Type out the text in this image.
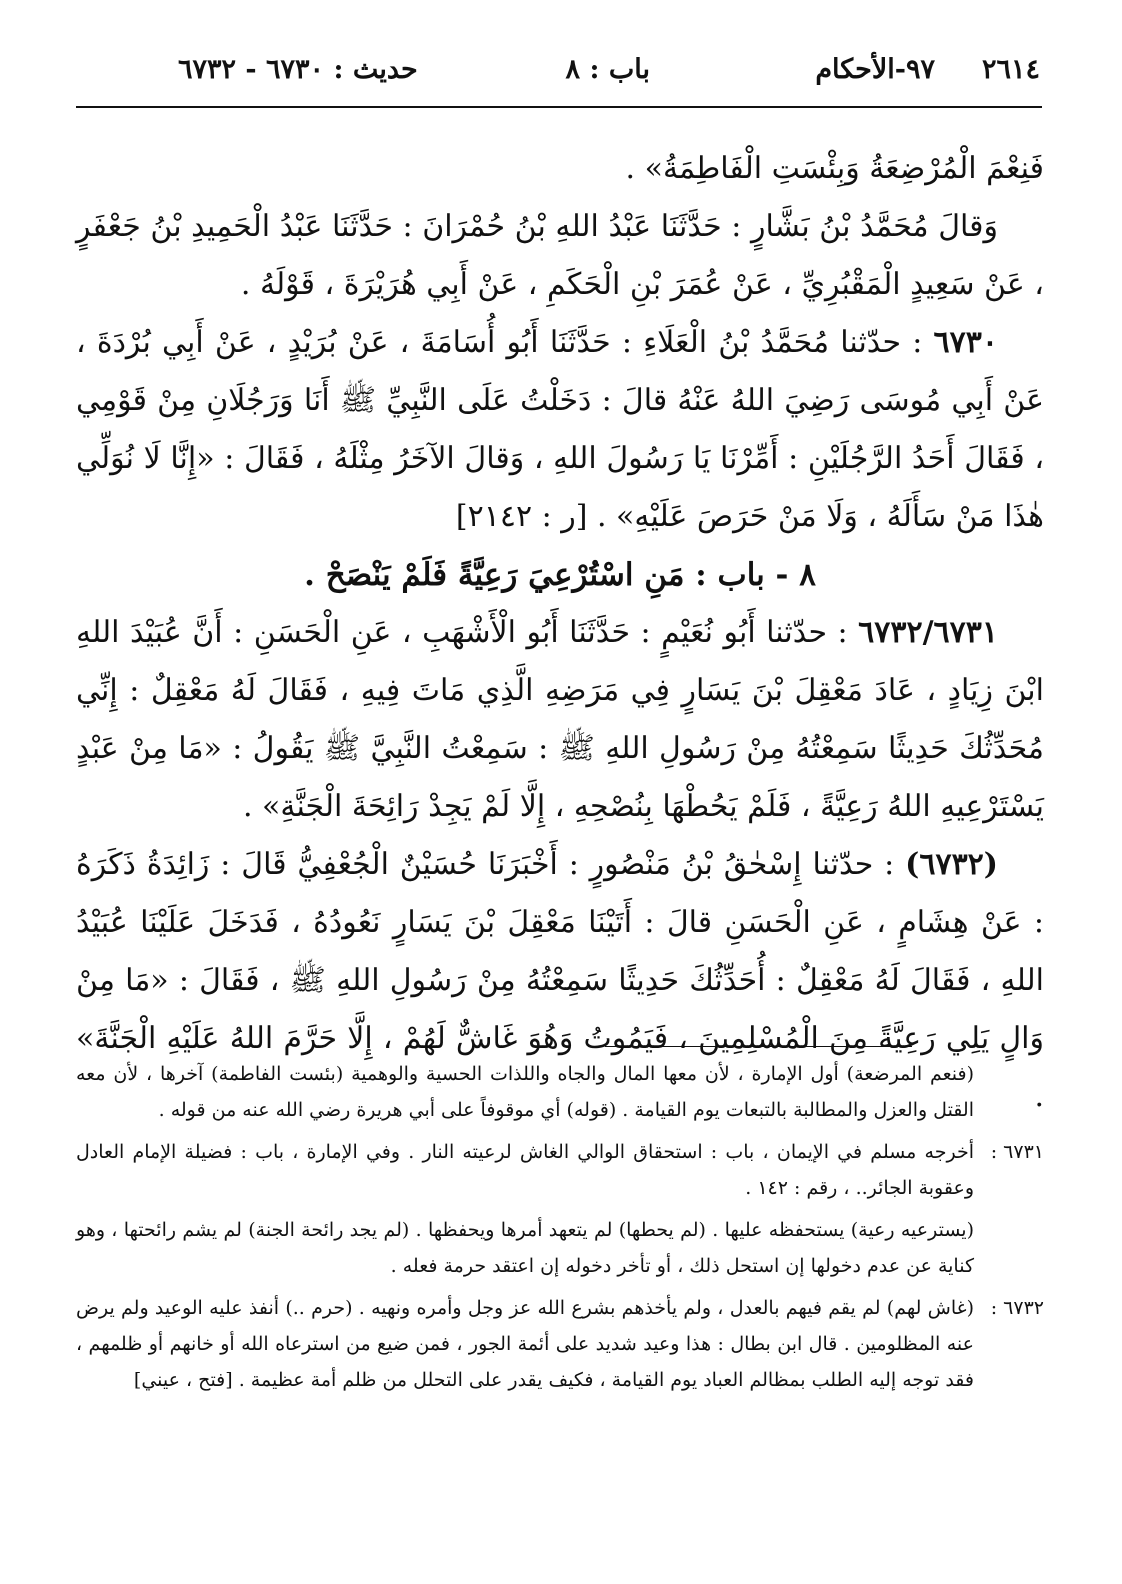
٢٦١٤
٩٧-الأحكام
باب : ٨
حديث : ٦٧٣٠ - ٦٧٣٢

فَنِعْمَ الْمُرْضِعَةُ وَبِئْسَتِ الْفَاطِمَةُ» .

وَقالَ مُحَمَّدُ بْنُ بَشَّارٍ : حَدَّثَنَا عَبْدُ اللهِ بْنُ حُمْرَانَ : حَدَّثَنَا عَبْدُ الْحَمِيدِ بْنُ جَعْفَرٍ ، عَنْ سَعِيدٍ الْمَقْبُرِيِّ ، عَنْ عُمَرَ بْنِ الْحَكَمِ ، عَنْ أَبِي هُرَيْرَةَ ، قَوْلَهُ .

٦٧٣٠ : حدّثنا مُحَمَّدُ بْنُ الْعَلَاءِ : حَدَّثَنَا أَبُو أُسَامَةَ ، عَنْ بُرَيْدٍ ، عَنْ أَبِي بُرْدَةَ ، عَنْ أَبِي مُوسَى رَضِيَ اللهُ عَنْهُ قالَ : دَخَلْتُ عَلَى النَّبِيِّ ﷺ أَنَا وَرَجُلَانِ مِنْ قَوْمِي ، فَقَالَ أَحَدُ الرَّجُلَيْنِ : أَمِّرْنَا يَا رَسُولَ اللهِ ، وَقالَ الآخَرُ مِثْلَهُ ، فَقَالَ : «إِنَّا لَا نُوَلِّي هٰذَا مَنْ سَأَلَهُ ، وَلَا مَنْ حَرَصَ عَلَيْهِ» . [ر : ٢١٤٢]

٨ - باب : مَنِ اسْتُرْعِيَ رَعِيَّةً فَلَمْ يَنْصَحْ .

٦٧٣٢/٦٧٣١ : حدّثنا أَبُو نُعَيْمٍ : حَدَّثَنَا أَبُو الْأَشْهَبِ ، عَنِ الْحَسَنِ : أَنَّ عُبَيْدَ اللهِ ابْنَ زِيَادٍ ، عَادَ مَعْقِلَ بْنَ يَسَارٍ فِي مَرَضِهِ الَّذِي مَاتَ فِيهِ ، فَقَالَ لَهُ مَعْقِلٌ : إِنِّي مُحَدِّثُكَ حَدِيثًا سَمِعْتُهُ مِنْ رَسُولِ اللهِ ﷺ : سَمِعْتُ النَّبِيَّ ﷺ يَقُولُ : «مَا مِنْ عَبْدٍ يَسْتَرْعِيهِ اللهُ رَعِيَّةً ، فَلَمْ يَحُطْهَا بِنُصْحِهِ ، إِلَّا لَمْ يَجِدْ رَائِحَةَ الْجَنَّةِ» .

(٦٧٣٢) : حدّثنا إِسْحٰقُ بْنُ مَنْصُورٍ : أَخْبَرَنَا حُسَيْنٌ الْجُعْفِيُّ قَالَ : زَائِدَةُ ذَكَرَهُ : عَنْ هِشَامٍ ، عَنِ الْحَسَنِ قالَ : أَتَيْنَا مَعْقِلَ بْنَ يَسَارٍ نَعُودُهُ ، فَدَخَلَ عَلَيْنَا عُبَيْدُ اللهِ ، فَقَالَ لَهُ مَعْقِلٌ : أُحَدِّثُكَ حَدِيثًا سَمِعْتُهُ مِنْ رَسُولِ اللهِ ﷺ ، فَقَالَ : «مَا مِنْ وَالٍ يَلِي رَعِيَّةً مِنَ الْمُسْلِمِينَ ، فَيَمُوتُ وَهُوَ غَاشٌّ لَهُمْ ، إِلَّا حَرَّمَ اللهُ عَلَيْهِ الْجَنَّةَ» .

(فنعم المرضعة) أول الإمارة ، لأن معها المال والجاه واللذات الحسية والوهمية (بئست الفاطمة) آخرها ، لأن معه القتل والعزل والمطالبة بالتبعات يوم القيامة . (قوله) أي موقوفاً على أبي هريرة رضي الله عنه من قوله .

٦٧٣١ :
أخرجه مسلم في الإيمان ، باب : استحقاق الوالي الغاش لرعيته النار . وفي الإمارة ، باب : فضيلة الإمام العادل وعقوبة الجائر.. ، رقم : ١٤٢ .

(يسترعيه رعية) يستحفظه عليها . (لم يحطها) لم يتعهد أمرها ويحفظها . (لم يجد رائحة الجنة) لم يشم رائحتها ، وهو كناية عن عدم دخولها إن استحل ذلك ، أو تأخر دخوله إن اعتقد حرمة فعله .

٦٧٣٢ :
(غاش لهم) لم يقم فيهم بالعدل ، ولم يأخذهم بشرع الله عز وجل وأمره ونهيه . (حرم ..) أنفذ عليه الوعيد ولم يرض عنه المظلومين . قال ابن بطال : هذا وعيد شديد على أئمة الجور ، فمن ضيع من استرعاه الله أو خانهم أو ظلمهم ، فقد توجه إليه الطلب بمظالم العباد يوم القيامة ، فكيف يقدر على التحلل من ظلم أمة عظيمة . [فتح ، عيني]
